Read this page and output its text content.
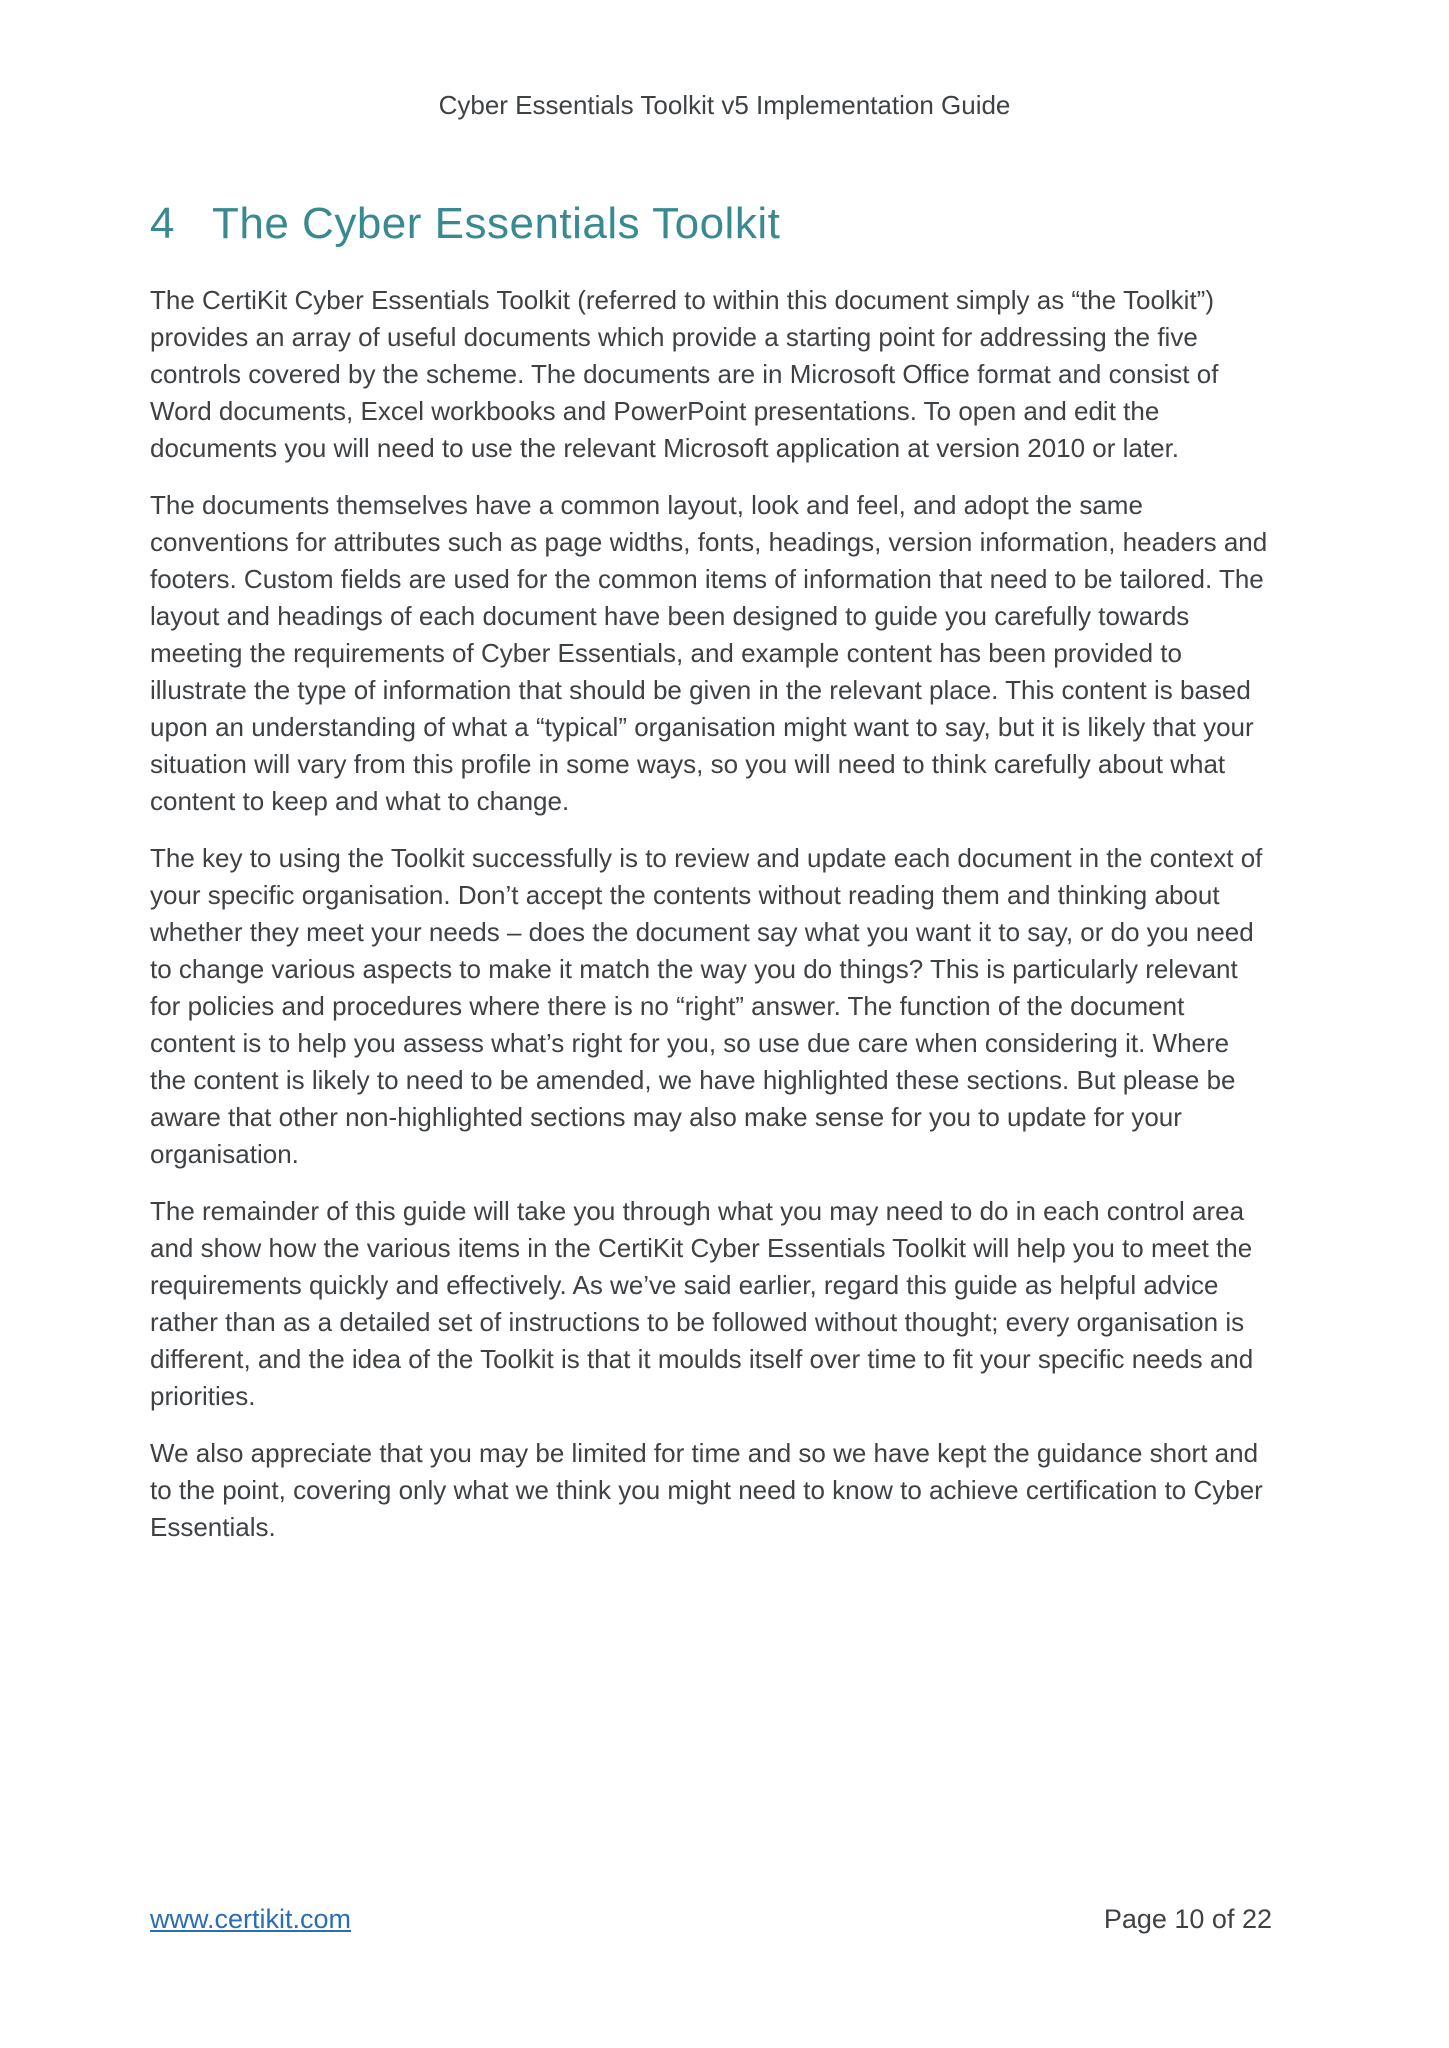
Cyber Essentials Toolkit v5 Implementation Guide
4 The Cyber Essentials Toolkit

The CertiKit Cyber Essentials Toolkit (referred to within this document simply as “the Toolkit”) provides an array of useful documents which provide a starting point for addressing the five controls covered by the scheme. The documents are in Microsoft Office format and consist of Word documents, Excel workbooks and PowerPoint presentations. To open and edit the documents you will need to use the relevant Microsoft application at version 2010 or later.

The documents themselves have a common layout, look and feel, and adopt the same conventions for attributes such as page widths, fonts, headings, version information, headers and footers. Custom fields are used for the common items of information that need to be tailored. The layout and headings of each document have been designed to guide you carefully towards meeting the requirements of Cyber Essentials, and example content has been provided to illustrate the type of information that should be given in the relevant place. This content is based upon an understanding of what a “typical” organisation might want to say, but it is likely that your situation will vary from this profile in some ways, so you will need to think carefully about what content to keep and what to change.

The key to using the Toolkit successfully is to review and update each document in the context of your specific organisation. Don’t accept the contents without reading them and thinking about whether they meet your needs – does the document say what you want it to say, or do you need to change various aspects to make it match the way you do things? This is particularly relevant for policies and procedures where there is no “right” answer. The function of the document content is to help you assess what’s right for you, so use due care when considering it. Where the content is likely to need to be amended, we have highlighted these sections. But please be aware that other non-highlighted sections may also make sense for you to update for your organisation.

The remainder of this guide will take you through what you may need to do in each control area and show how the various items in the CertiKit Cyber Essentials Toolkit will help you to meet the requirements quickly and effectively. As we’ve said earlier, regard this guide as helpful advice rather than as a detailed set of instructions to be followed without thought; every organisation is different, and the idea of the Toolkit is that it moulds itself over time to fit your specific needs and priorities.

We also appreciate that you may be limited for time and so we have kept the guidance short and to the point, covering only what we think you might need to know to achieve certification to Cyber Essentials.

www.certikit.com	Page 10 of 22
